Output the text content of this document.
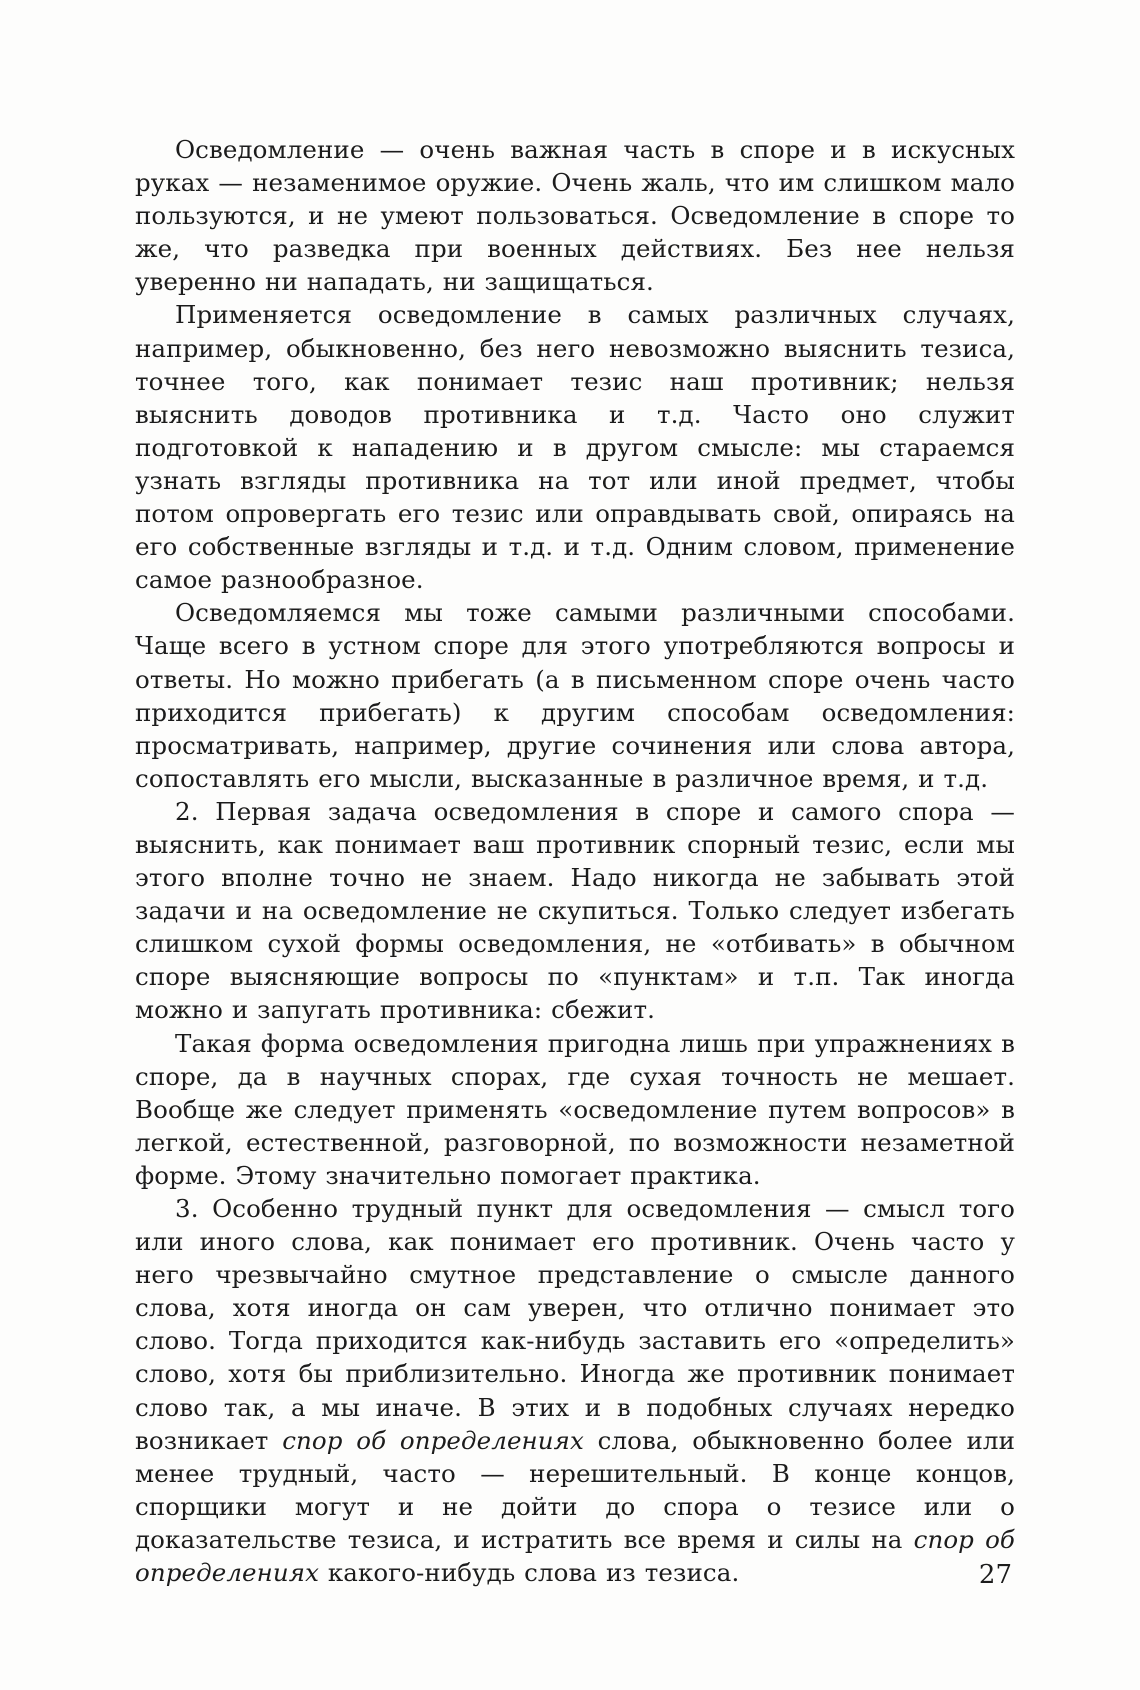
Осведомление — очень важная часть в споре и в искусных руках — незаменимое оружие. Очень жаль, что им слишком мало пользуются, и не умеют пользоваться. Осведомление в споре то же, что разведка при военных действиях. Без нее нельзя уверенно ни нападать, ни защищаться.

Применяется осведомление в самых различных случаях, например, обыкновенно, без него невозможно выяснить тезиса, точнее того, как понимает тезис наш противник; нельзя выяснить доводов противника и т.д. Часто оно служит подготовкой к нападению и в другом смысле: мы стараемся узнать взгляды противника на тот или иной предмет, чтобы потом опровергать его тезис или оправдывать свой, опираясь на его собственные взгляды и т.д. и т.д. Одним словом, применение самое разнообразное.

Осведомляемся мы тоже самыми различными способами. Чаще всего в устном споре для этого употребляются вопросы и ответы. Но можно прибегать (а в письменном споре очень часто приходится прибегать) к другим способам осведомления: просматривать, например, другие сочинения или слова автора, сопоставлять его мысли, высказанные в различное время, и т.д.

2. Первая задача осведомления в споре и самого спора — выяснить, как понимает ваш противник спорный тезис, если мы этого вполне точно не знаем. Надо никогда не забывать этой задачи и на осведомление не скупиться. Только следует избегать слишком сухой формы осведомления, не «отбивать» в обычном споре выясняющие вопросы по «пунктам» и т.п. Так иногда можно и запугать противника: сбежит.

Такая форма осведомления пригодна лишь при упражнениях в споре, да в научных спорах, где сухая точность не мешает. Вообще же следует применять «осведомление путем вопросов» в легкой, естественной, разговорной, по возможности незаметной форме. Этому значительно помогает практика.

3. Особенно трудный пункт для осведомления — смысл того или иного слова, как понимает его противник. Очень часто у него чрезвычайно смутное представление о смысле данного слова, хотя иногда он сам уверен, что отлично понимает это слово. Тогда приходится как-нибудь заставить его «определить» слово, хотя бы приблизительно. Иногда же противник понимает слово так, а мы иначе. В этих и в подобных случаях нередко возникает спор об определениях слова, обыкновенно более или менее трудный, часто — нерешительный. В конце концов, спорщики могут и не дойти до спора о тезисе или о доказательстве тезиса, и истратить все время и силы на спор об определениях какого-нибудь слова из тезиса.	27
